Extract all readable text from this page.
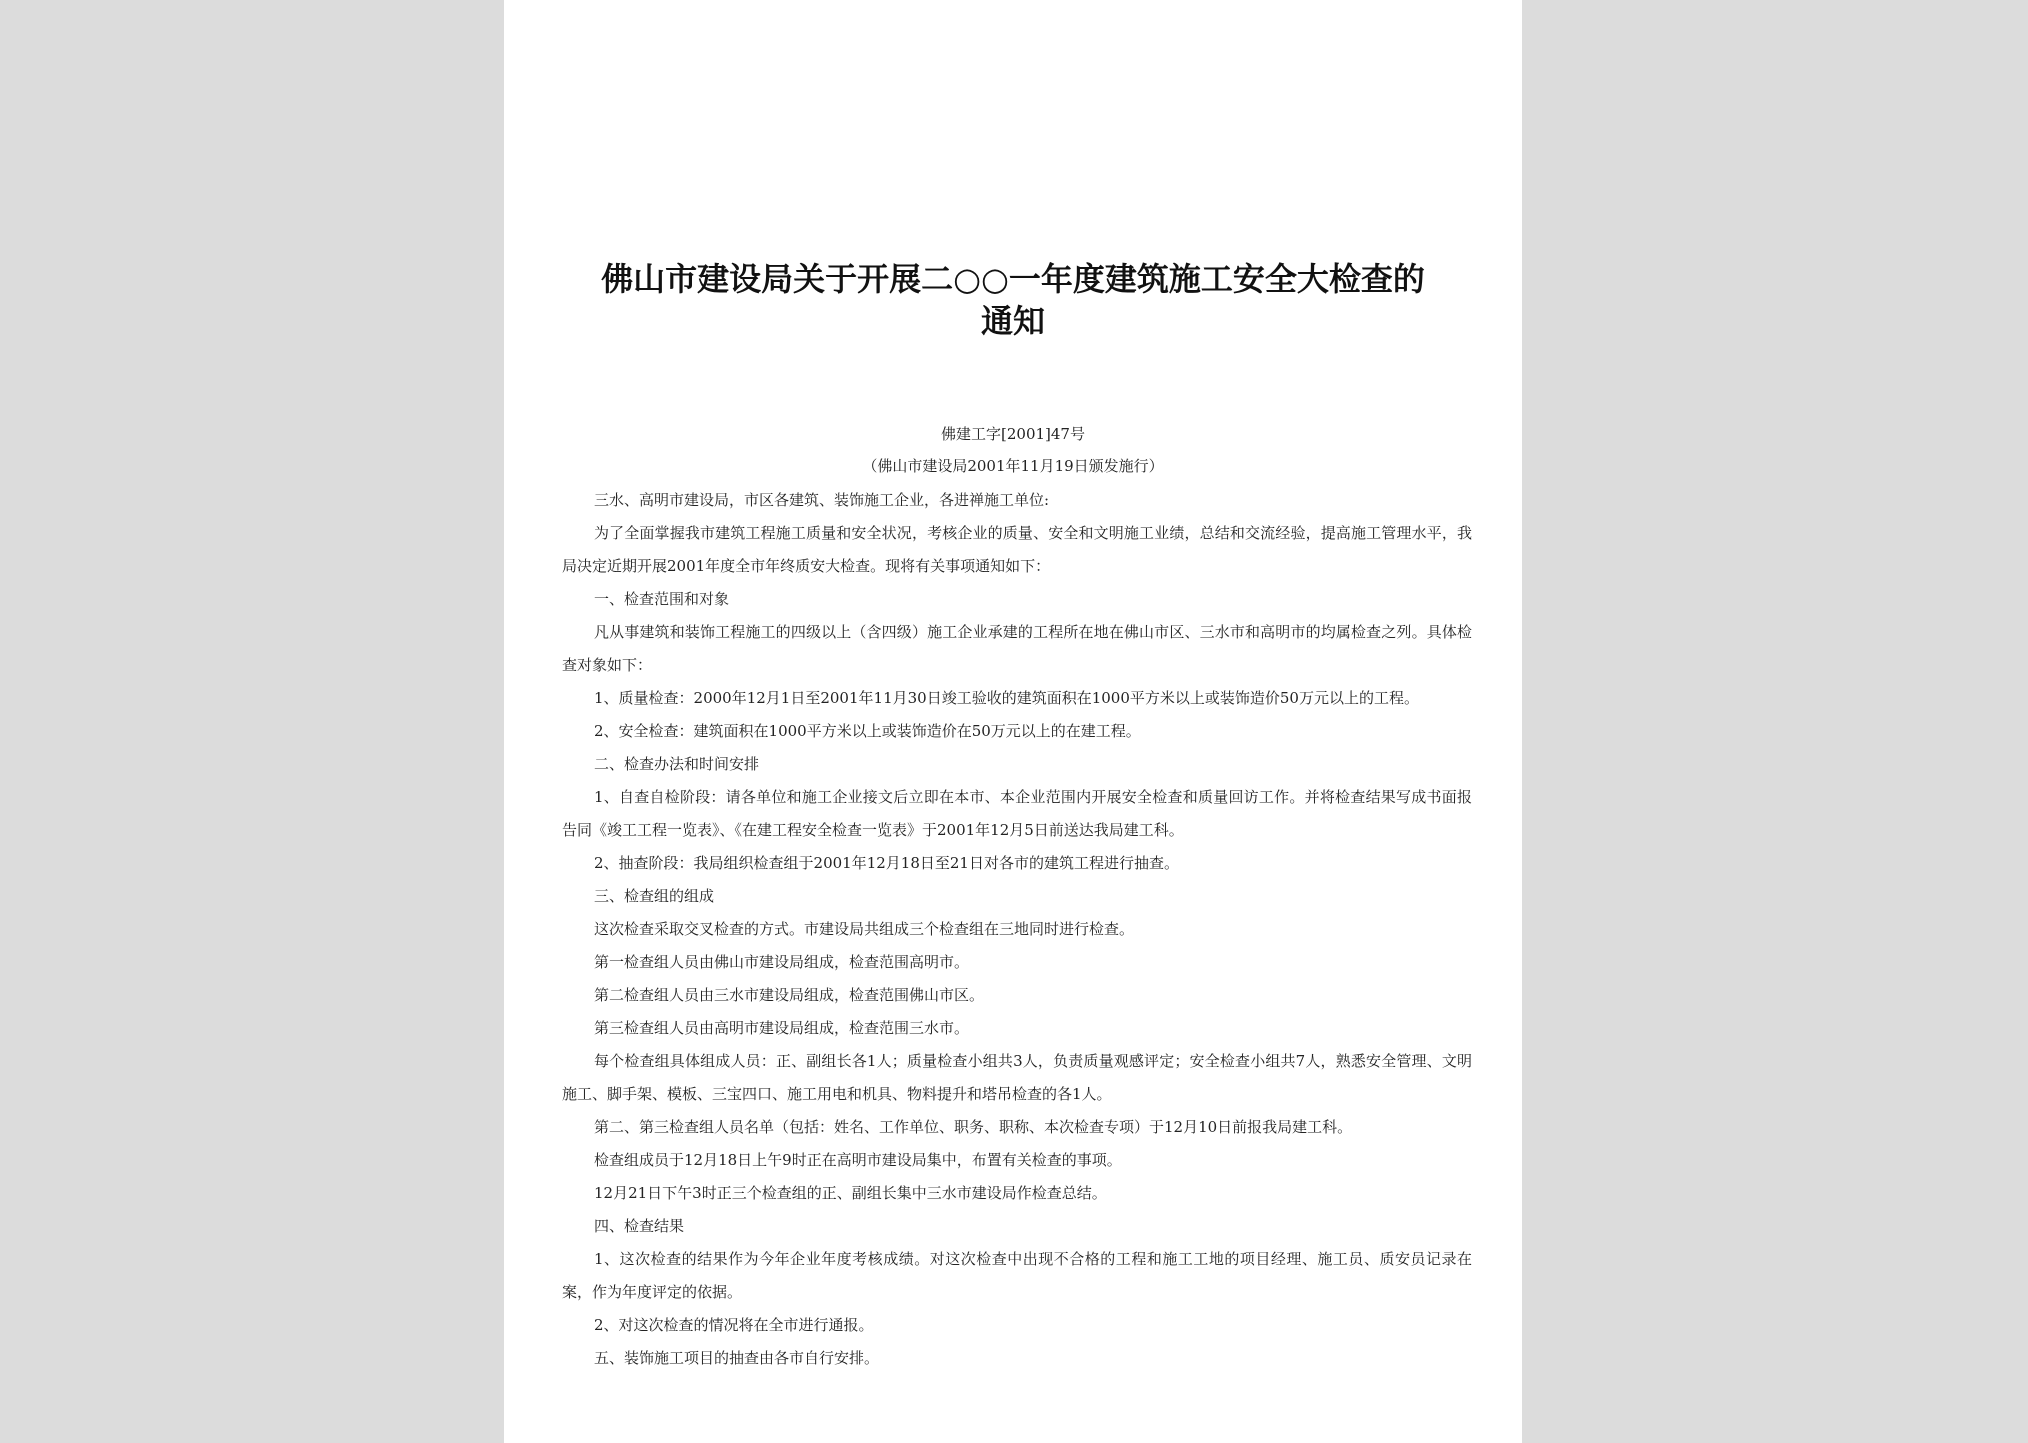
佛山市建设局关于开展二○○一年度建筑施工安全大检查的通知
佛建工字[2001]47号
（佛山市建设局2001年11月19日颁发施行）

三水、高明市建设局，市区各建筑、装饰施工企业，各进禅施工单位:

为了全面掌握我市建筑工程施工质量和安全状况，考核企业的质量、安全和文明施工业绩，总结和交流经验，提高施工管理水平，我局决定近期开展2001年度全市年终质安大检查。现将有关事项通知如下：

一、检查范围和对象

凡从事建筑和装饰工程施工的四级以上（含四级）施工企业承建的工程所在地在佛山市区、三水市和高明市的均属检查之列。具体检查对象如下：

1、质量检查：2000年12月1日至2001年11月30日竣工验收的建筑面积在1000平方米以上或装饰造价50万元以上的工程。

2、安全检查：建筑面积在1000平方米以上或装饰造价在50万元以上的在建工程。

二、检查办法和时间安排

1、自查自检阶段：请各单位和施工企业接文后立即在本市、本企业范围内开展安全检查和质量回访工作。并将检查结果写成书面报告同《竣工工程一览表》、《在建工程安全检查一览表》于2001年12月5日前送达我局建工科。

2、抽查阶段：我局组织检查组于2001年12月18日至21日对各市的建筑工程进行抽查。

三、检查组的组成

这次检查采取交叉检查的方式。市建设局共组成三个检查组在三地同时进行检查。

第一检查组人员由佛山市建设局组成，检查范围高明市。

第二检查组人员由三水市建设局组成，检查范围佛山市区。

第三检查组人员由高明市建设局组成，检查范围三水市。

每个检查组具体组成人员：正、副组长各1人；质量检查小组共3人，负责质量观感评定；安全检查小组共7人，熟悉安全管理、文明施工、脚手架、模板、三宝四口、施工用电和机具、物料提升和塔吊检查的各1人。

第二、第三检查组人员名单（包括：姓名、工作单位、职务、职称、本次检查专项）于12月10日前报我局建工科。

检查组成员于12月18日上午9时正在高明市建设局集中，布置有关检查的事项。

12月21日下午3时正三个检查组的正、副组长集中三水市建设局作检查总结。

四、检查结果

1、这次检查的结果作为今年企业年度考核成绩。对这次检查中出现不合格的工程和施工工地的项目经理、施工员、质安员记录在案，作为年度评定的依据。

2、对这次检查的情况将在全市进行通报。

五、装饰施工项目的抽查由各市自行安排。
